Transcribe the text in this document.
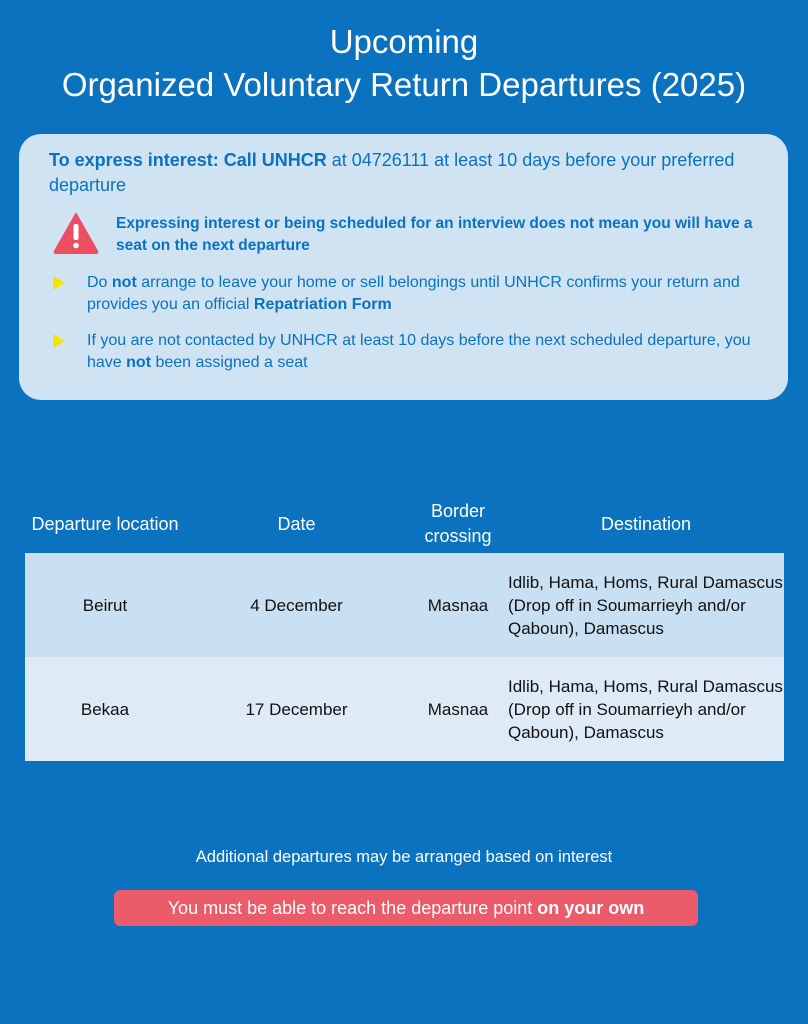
Upcoming
Organized Voluntary Return Departures (2025)
To express interest: Call UNHCR at 04726111 at least 10 days before your preferred departure
Expressing interest or being scheduled for an interview does not mean you will have a seat on the next departure
Do not arrange to leave your home or sell belongings until UNHCR confirms your return and provides you an official Repatriation Form
If you are not contacted by UNHCR at least 10 days before the next scheduled departure, you have not been assigned a seat
Departure location	Date	Border crossing	Destination
Beirut	4 December	Masnaa	Idlib, Hama, Homs, Rural Damascus (Drop off in Soumarrieyh and/or Qaboun), Damascus
Bekaa	17 December	Masnaa	Idlib, Hama, Homs, Rural Damascus (Drop off in Soumarrieyh and/or Qaboun), Damascus
Additional departures may be arranged based on interest
You must be able to reach the departure point on your own
